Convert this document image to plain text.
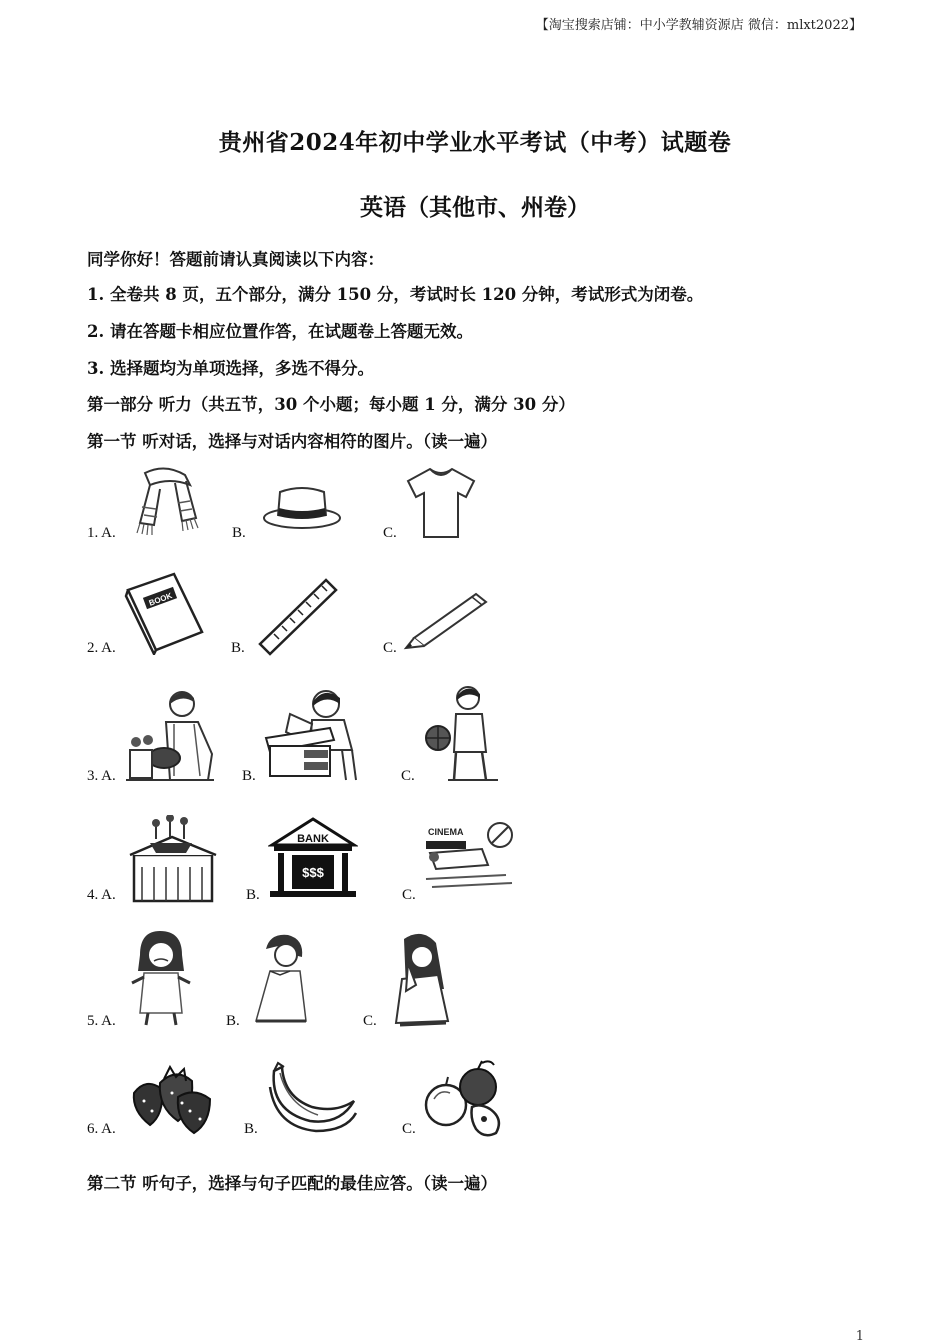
【淘宝搜索店铺：中小学教辅资源店 微信：mlxt2022】
贵州省2024年初中学业水平考试（中考）试题卷
英语（其他市、州卷）
同学你好！答题前请认真阅读以下内容：
1. 全卷共 8 页，五个部分，满分 150 分，考试时长 120 分钟，考试形式为闭卷。
2. 请在答题卡相应位置作答，在试题卷上答题无效。
3. 选择题均为单项选择，多选不得分。
第一部分 听力（共五节，30 个小题；每小题 1 分，满分 30 分）
第一节 听对话，选择与对话内容相符的图片。（读一遍）
1. A.	B.	C.
2. A.
BOOK
B.	C.
3. A.	B.	C.
4. A.	B.
BANK
$$$
C.
CINEMA
5. A.	B.	C.
6. A.	B.	C.
第二节 听句子，选择与句子匹配的最佳应答。（读一遍）
1
